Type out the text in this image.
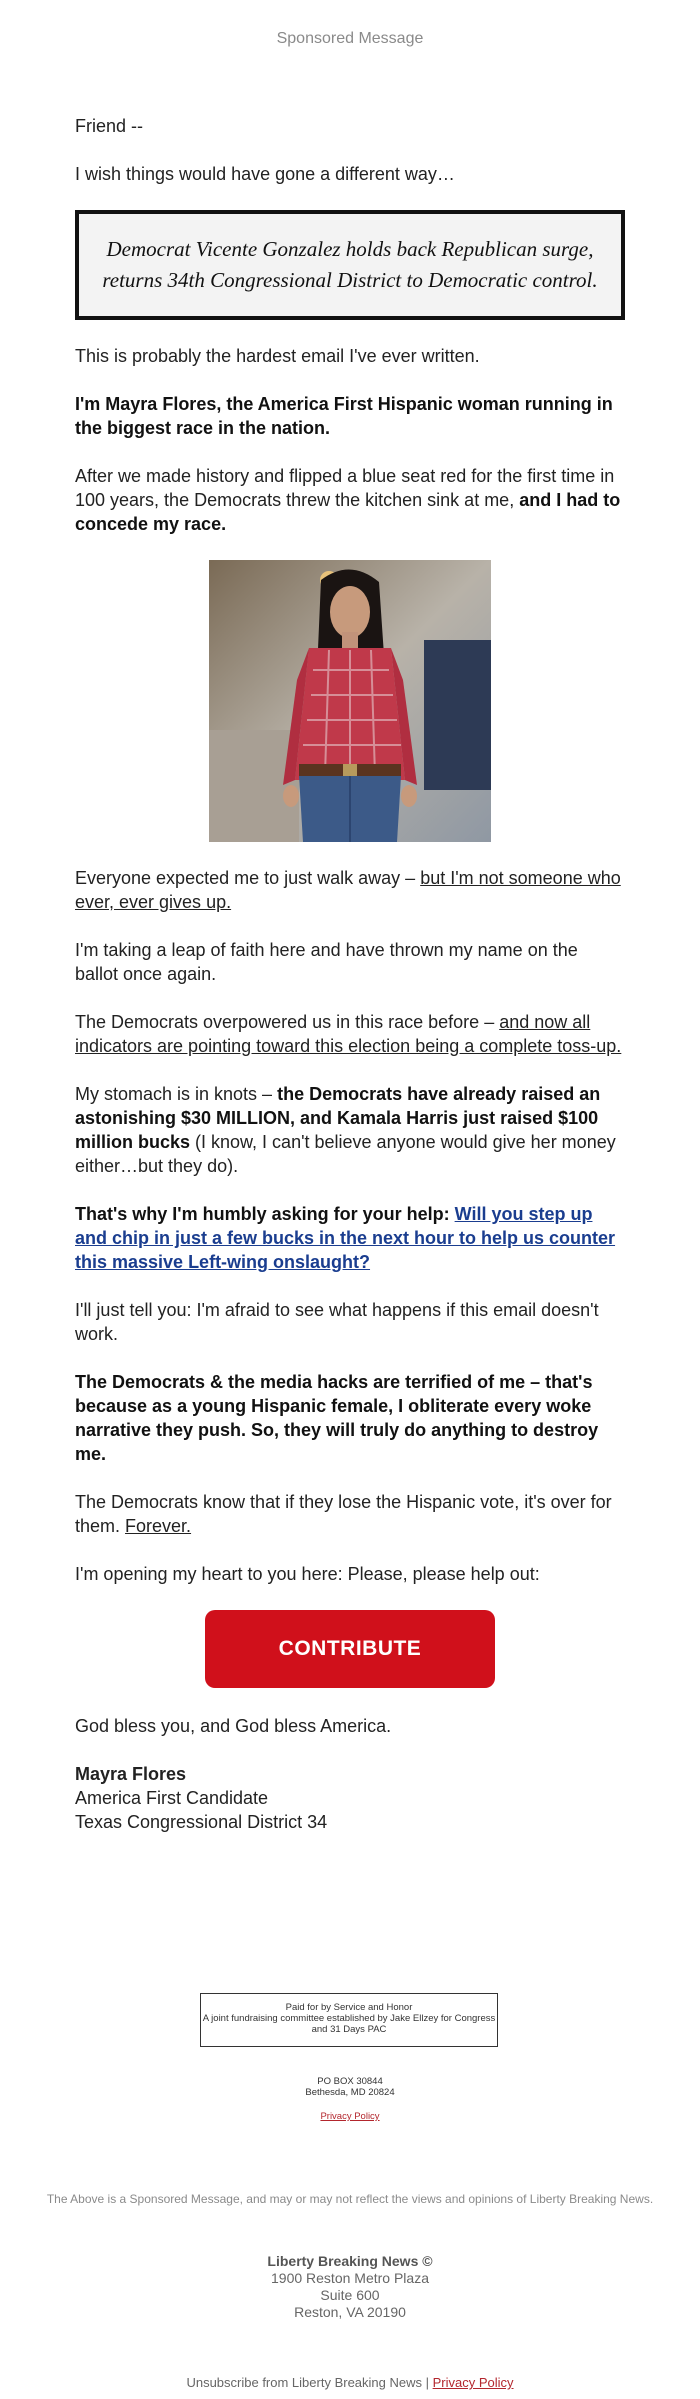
Sponsored Message

Friend --

I wish things would have gone a different way…

Democrat Vicente Gonzalez holds back Republican surge, returns 34th Congressional District to Democratic control.

This is probably the hardest email I've ever written.

I'm Mayra Flores, the America First Hispanic woman running in the biggest race in the nation.

After we made history and flipped a blue seat red for the first time in 100 years, the Democrats threw the kitchen sink at me, and I had to concede my race.

Everyone expected me to just walk away – but I'm not someone who ever, ever gives up.

I'm taking a leap of faith here and have thrown my name on the ballot once again.

The Democrats overpowered us in this race before – and now all indicators are pointing toward this election being a complete toss-up.

My stomach is in knots – the Democrats have already raised an astonishing $30 MILLION, and Kamala Harris just raised $100 million bucks (I know, I can't believe anyone would give her money either…but they do).

That's why I'm humbly asking for your help: Will you step up and chip in just a few bucks in the next hour to help us counter this massive Left-wing onslaught?

I'll just tell you: I'm afraid to see what happens if this email doesn't work.

The Democrats & the media hacks are terrified of me – that's because as a young Hispanic female, I obliterate every woke narrative they push. So, they will truly do anything to destroy me.

The Democrats know that if they lose the Hispanic vote, it's over for them. Forever.

I'm opening my heart to you here: Please, please help out:

CONTRIBUTE

God bless you, and God bless America.

Mayra Flores

America First Candidate

Texas Congressional District 34

Paid for by Service and Honor
A joint fundraising committee established by Jake Ellzey for Congress and 31 Days PAC
PO BOX 30844
Bethesda, MD 20824
Privacy Policy
The Above is a Sponsored Message, and may or may not reflect the views and opinions of Liberty Breaking News.
Liberty Breaking News ©
1900 Reston Metro Plaza
Suite 600
Reston, VA 20190
Unsubscribe from Liberty Breaking News | Privacy Policy
